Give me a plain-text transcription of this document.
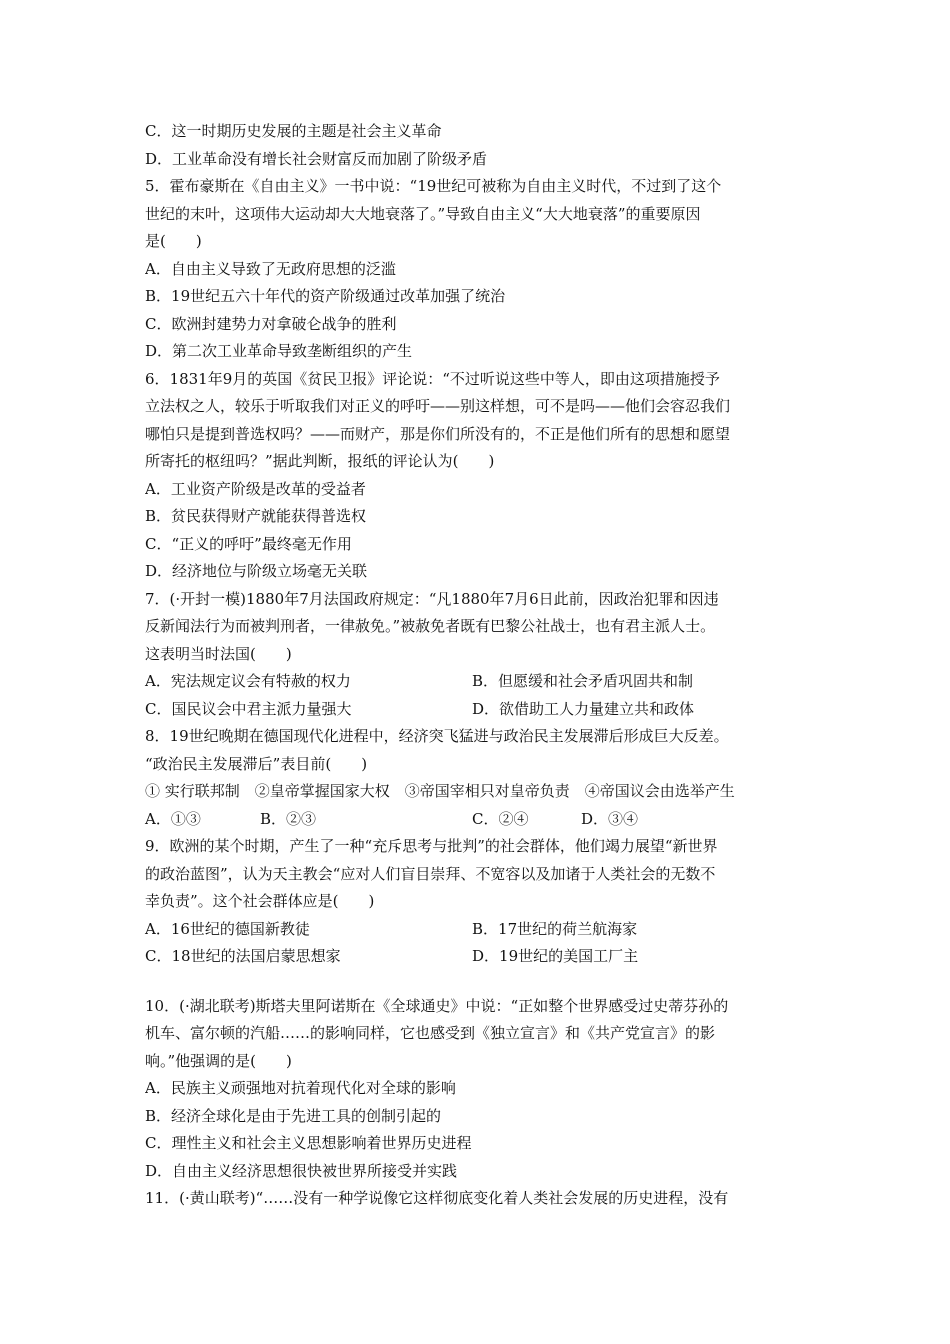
C．这一时期历史发展的主题是社会主义革命
D．工业革命没有增长社会财富反而加剧了阶级矛盾
5．霍布豪斯在《自由主义》一书中说：“19世纪可被称为自由主义时代，不过到了这个
世纪的末叶，这项伟大运动却大大地衰落了。”导致自由主义“大大地衰落”的重要原因
是(　　)
A．自由主义导致了无政府思想的泛滥
B．19世纪五六十年代的资产阶级通过改革加强了统治
C．欧洲封建势力对拿破仑战争的胜利
D．第二次工业革命导致垄断组织的产生
6．1831年9月的英国《贫民卫报》评论说：“不过听说这些中等人，即由这项措施授予
立法权之人，较乐于听取我们对正义的呼吁——别这样想，可不是吗——他们会容忍我们
哪怕只是提到普选权吗？——而财产，那是你们所没有的，不正是他们所有的思想和愿望
所寄托的枢纽吗？”据此判断，报纸的评论认为(　　)
A．工业资产阶级是改革的受益者
B．贫民获得财产就能获得普选权
C．“正义的呼吁”最终毫无作用
D．经济地位与阶级立场毫无关联
7．(·开封一模)1880年7月法国政府规定：“凡1880年7月6日此前，因政治犯罪和因违
反新闻法行为而被判刑者，一律赦免。”被赦免者既有巴黎公社战士，也有君主派人士。
这表明当时法国(　　)
A．宪法规定议会有特赦的权力	B．但愿缓和社会矛盾巩固共和制
C．国民议会中君主派力量强大	D．欲借助工人力量建立共和政体
8．19世纪晚期在德国现代化进程中，经济突飞猛进与政治民主发展滞后形成巨大反差。
“政治民主发展滞后”表目前(　　)
① 实行联邦制　②皇帝掌握国家大权　③帝国宰相只对皇帝负责　④帝国议会由选举产生
A．①③	B．②③	C．②④	D．③④
9．欧洲的某个时期，产生了一种“充斥思考与批判”的社会群体，他们竭力展望“新世界
的政治蓝图”，认为天主教会“应对人们盲目崇拜、不宽容以及加诸于人类社会的无数不
幸负责”。这个社会群体应是(　　)
A．16世纪的德国新教徒	B．17世纪的荷兰航海家
C．18世纪的法国启蒙思想家	D．19世纪的美国工厂主
10．(·湖北联考)斯塔夫里阿诺斯在《全球通史》中说：“正如整个世界感受过史蒂芬孙的
机车、富尔顿的汽船……的影响同样，它也感受到《独立宣言》和《共产党宣言》的影
响。”他强调的是(　　)
A．民族主义顽强地对抗着现代化对全球的影响
B．经济全球化是由于先进工具的创制引起的
C．理性主义和社会主义思想影响着世界历史进程
D．自由主义经济思想很快被世界所接受并实践
11．(·黄山联考)“……没有一种学说像它这样彻底变化着人类社会发展的历史进程，没有
